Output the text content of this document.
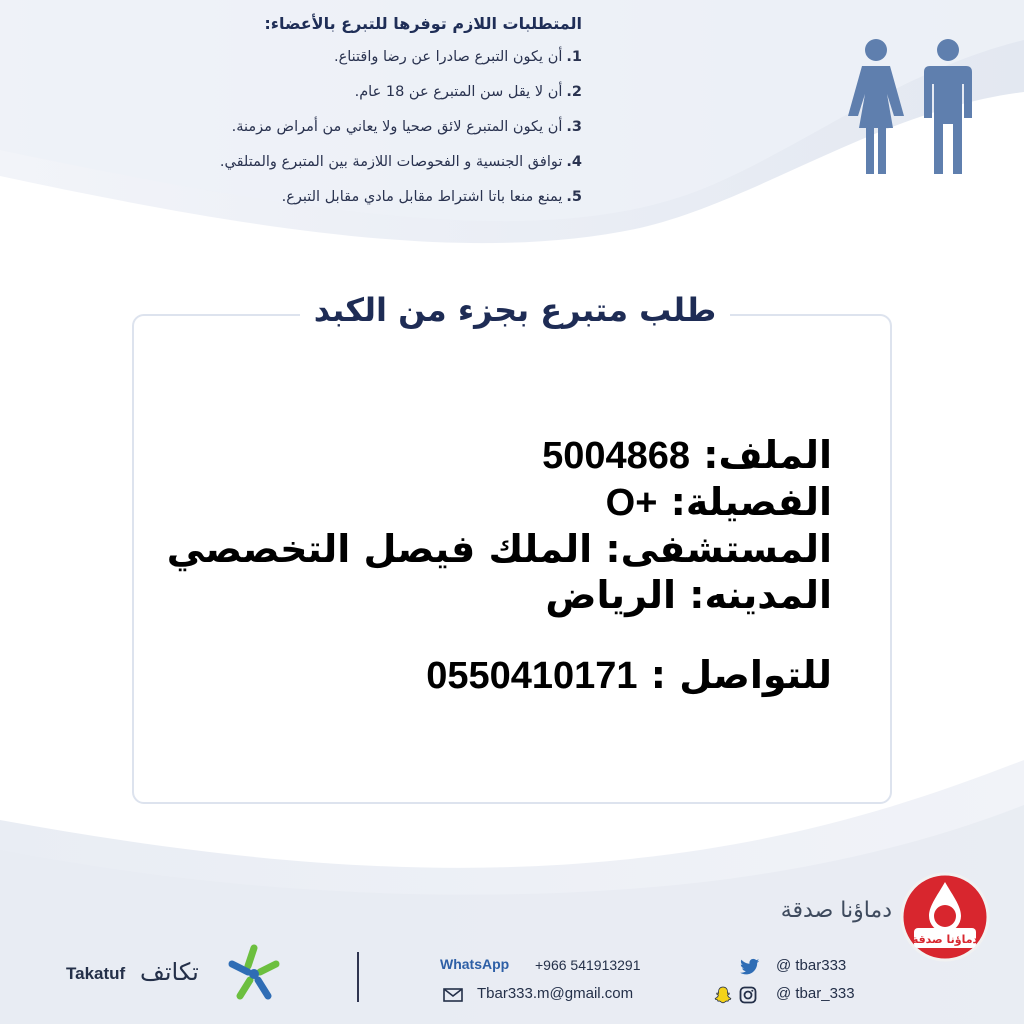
المتطلبات اللازم توفرها للتبرع بالأعضاء:

1.أن يكون التبرع صادرا عن رضا واقتناع.
2.أن لا يقل سن المتبرع عن 18 عام.
3.أن يكون المتبرع لائق صحيا ولا يعاني من أمراض مزمنة.
4.توافق الجنسية و الفحوصات اللازمة بين المتبرع والمتلقي.
5.يمنع منعا باتا اشتراط مقابل مادي مقابل التبرع.
طلب متبرع بجزء من الكبد
الملف: 5004868
الفصيلة: O+
المستشفى: الملك فيصل التخصصي
المدينه: الرياض
للتواصل : 0550410171
دماؤنا صدقة
دماؤنا صدقة
تكاتف
Takatuf	WhatsApp +966 541913291
Tbar333.m@gmail.com
@ tbar333
@ tbar_333
